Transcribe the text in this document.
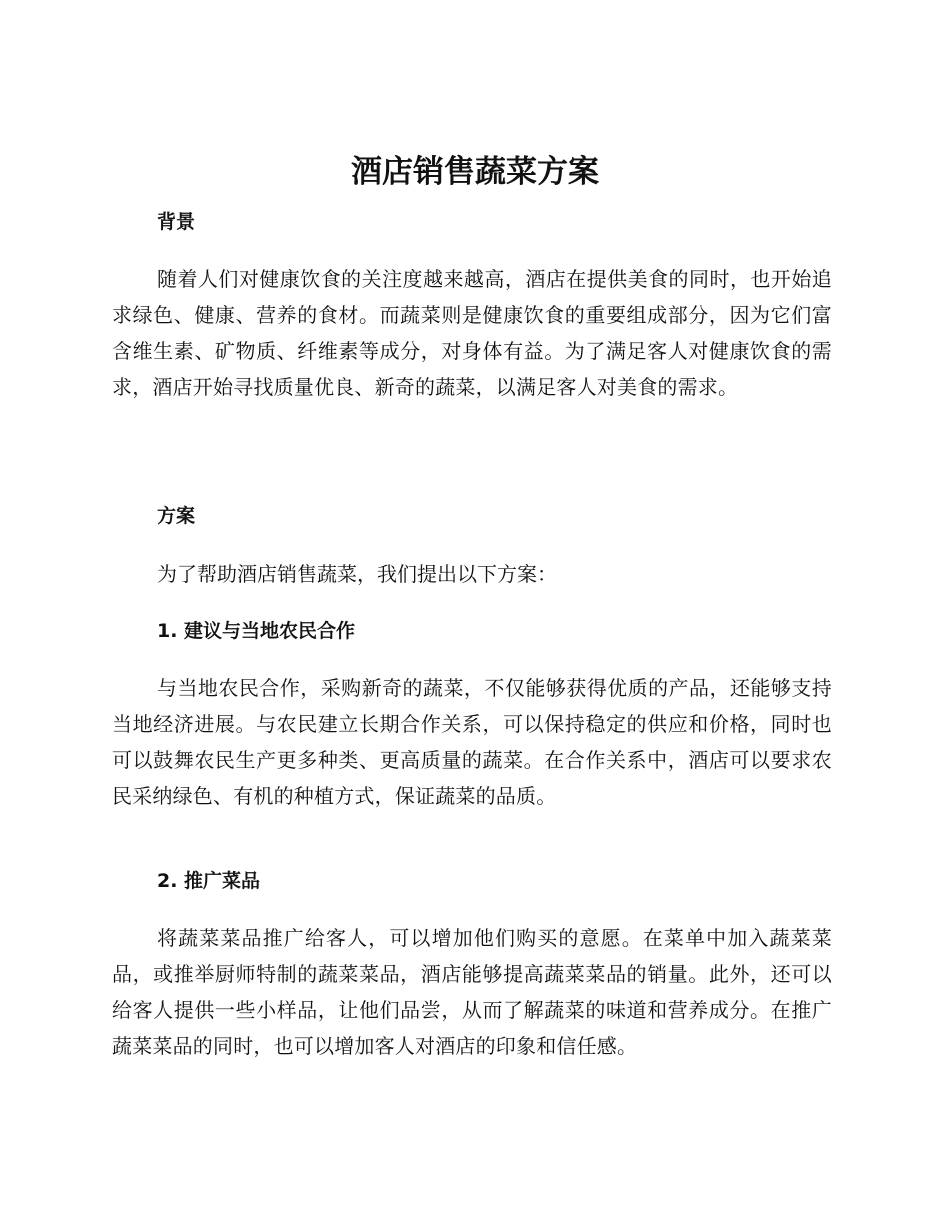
酒店销售蔬菜方案
背景

随着人们对健康饮食的关注度越来越高，酒店在提供美食的同时，也开始追求绿色、健康、营养的食材。而蔬菜则是健康饮食的重要组成部分，因为它们富含维生素、矿物质、纤维素等成分，对身体有益。为了满足客人对健康饮食的需求，酒店开始寻找质量优良、新奇的蔬菜，以满足客人对美食的需求。

方案

为了帮助酒店销售蔬菜，我们提出以下方案：

1. 建议与当地农民合作

与当地农民合作，采购新奇的蔬菜，不仅能够获得优质的产品，还能够支持当地经济进展。与农民建立长期合作关系，可以保持稳定的供应和价格，同时也可以鼓舞农民生产更多种类、更高质量的蔬菜。在合作关系中，酒店可以要求农民采纳绿色、有机的种植方式，保证蔬菜的品质。

2. 推广菜品

将蔬菜菜品推广给客人，可以增加他们购买的意愿。在菜单中加入蔬菜菜品，或推举厨师特制的蔬菜菜品，酒店能够提高蔬菜菜品的销量。此外，还可以给客人提供一些小样品，让他们品尝，从而了解蔬菜的味道和营养成分。在推广蔬菜菜品的同时，也可以增加客人对酒店的印象和信任感。
